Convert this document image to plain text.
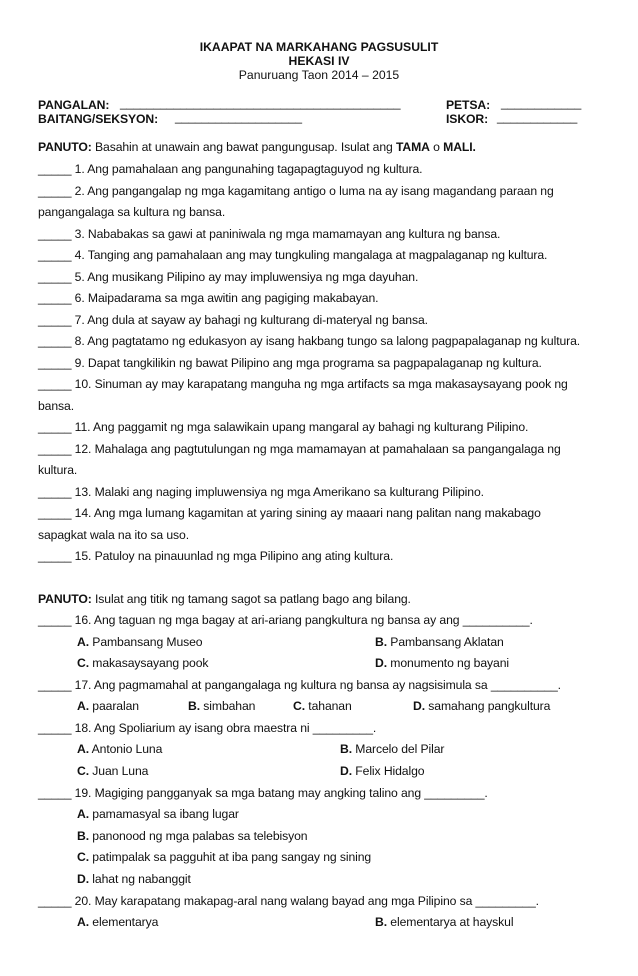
IKAAPAT NA MARKAHANG PAGSUSULIT
HEKASI IV
Panuruang Taon 2014 – 2015
PANGALAN: __________________________________________	PETSA: ____________
BAITANG/SEKSYON: ___________________	ISKOR: ____________
PANUTO: Basahin at unawain ang bawat pangungusap. Isulat ang TAMA o MALI.
_____ 1. Ang pamahalaan ang pangunahing tagapagtaguyod ng kultura.
_____ 2. Ang pangangalap ng mga kagamitang antigo o luma na ay isang magandang paraan ng
pangangalaga sa kultura ng bansa.
_____ 3. Nababakas sa gawi at paniniwala ng mga mamamayan ang kultura ng bansa.
_____ 4. Tanging ang pamahalaan ang may tungkuling mangalaga at magpalaganap ng kultura.
_____ 5. Ang musikang Pilipino ay may impluwensiya ng mga dayuhan.
_____ 6. Maipadarama sa mga awitin ang pagiging makabayan.
_____ 7. Ang dula at sayaw ay bahagi ng kulturang di-materyal ng bansa.
_____ 8. Ang pagtatamo ng edukasyon ay isang hakbang tungo sa lalong pagpapalaganap ng kultura.
_____ 9. Dapat tangkilikin ng bawat Pilipino ang mga programa sa pagpapalaganap ng kultura.
_____ 10. Sinuman ay may karapatang manguha ng mga artifacts sa mga makasaysayang pook ng
bansa.
_____ 11. Ang paggamit ng mga salawikain upang mangaral ay bahagi ng kulturang Pilipino.
_____ 12. Mahalaga ang pagtutulungan ng mga mamamayan at pamahalaan sa pangangalaga ng
kultura.
_____ 13. Malaki ang naging impluwensiya ng mga Amerikano sa kulturang Pilipino.
_____ 14. Ang mga lumang kagamitan at yaring sining ay maaari nang palitan nang makabago
sapagkat wala na ito sa uso.
_____ 15. Patuloy na pinauunlad ng mga Pilipino ang ating kultura.
PANUTO: Isulat ang titik ng tamang sagot sa patlang bago ang bilang.
_____ 16. Ang taguan ng mga bagay at ari-ariang pangkultura ng bansa ay ang __________.
A. Pambansang Museo	B. Pambansang Aklatan
C. makasaysayang pook	D. monumento ng bayani
_____ 17. Ang pagmamahal at pangangalaga ng kultura ng bansa ay nagsisimula sa __________.
A. paaralan	B. simbahan	C. tahanan	D. samahang pangkultura
_____ 18. Ang Spoliarium ay isang obra maestra ni _________.
A. Antonio Luna	B. Marcelo del Pilar
C. Juan Luna	D. Felix Hidalgo
_____ 19. Magiging pangganyak sa mga batang may angking talino ang _________.
A. pamamasyal sa ibang lugar
B. panonood ng mga palabas sa telebisyon
C. patimpalak sa pagguhit at iba pang sangay ng sining
D. lahat ng nabanggit
_____ 20. May karapatang makapag-aral nang walang bayad ang mga Pilipino sa _________.
A. elementarya	B. elementarya at hayskul
